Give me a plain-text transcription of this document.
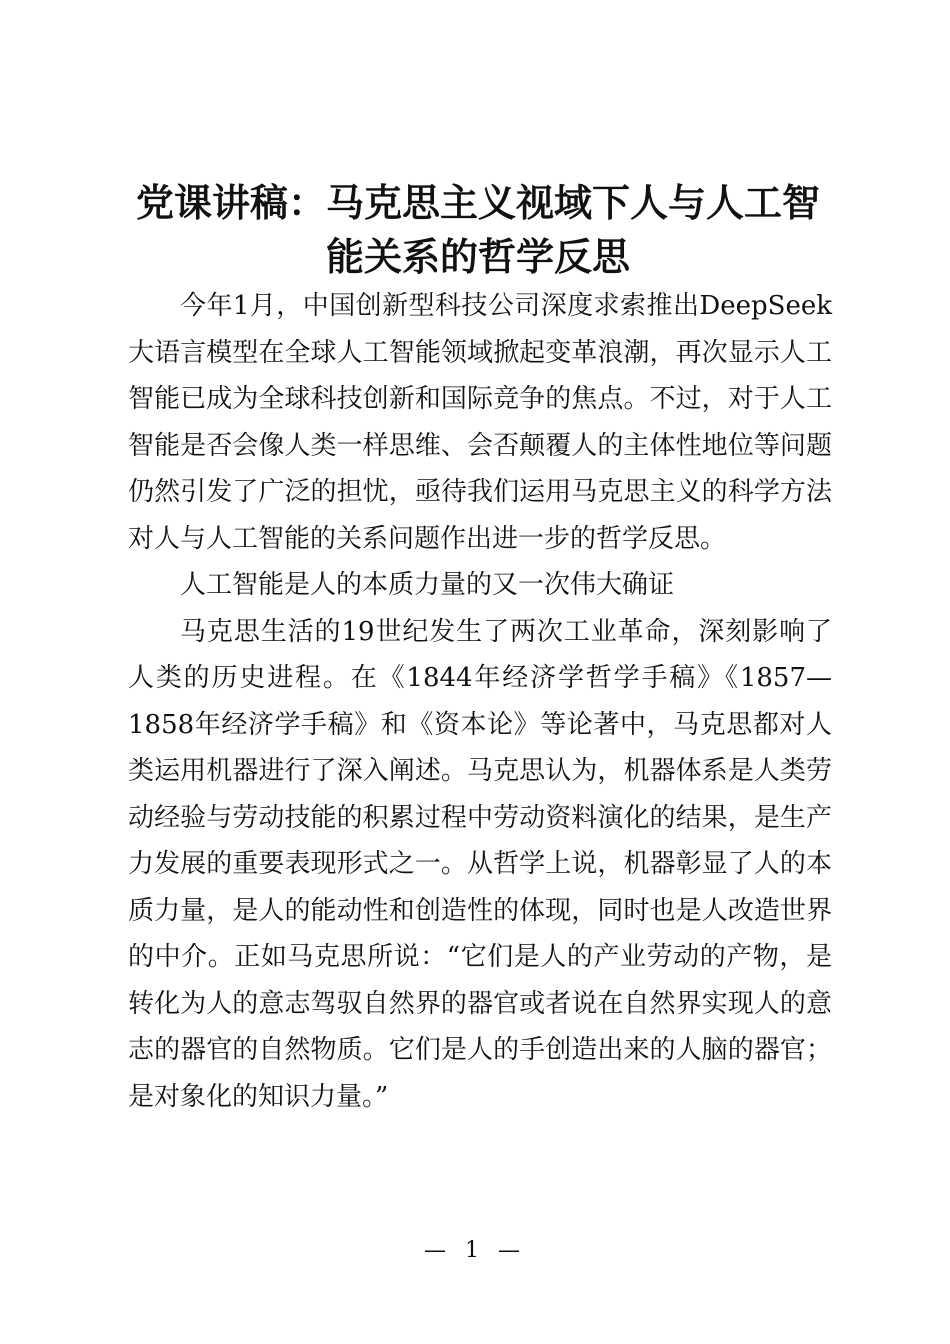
党课讲稿：马克思主义视域下人与人工智能关系的哲学反思

今年1月，中国创新型科技公司深度求索推出DeepSeek大语言模型在全球人工智能领域掀起变革浪潮，再次显示人工智能已成为全球科技创新和国际竞争的焦点。不过，对于人工智能是否会像人类一样思维、会否颠覆人的主体性地位等问题仍然引发了广泛的担忧，亟待我们运用马克思主义的科学方法对人与人工智能的关系问题作出进一步的哲学反思。

人工智能是人的本质力量的又一次伟大确证

马克思生活的19世纪发生了两次工业革命，深刻影响了人类的历史进程。在《1844年经济学哲学手稿》《1857—1858年经济学手稿》和《资本论》等论著中，马克思都对人类运用机器进行了深入阐述。马克思认为，机器体系是人类劳动经验与劳动技能的积累过程中劳动资料演化的结果，是生产力发展的重要表现形式之一。从哲学上说，机器彰显了人的本质力量，是人的能动性和创造性的体现，同时也是人改造世界的中介。正如马克思所说：“它们是人的产业劳动的产物，是转化为人的意志驾驭自然界的器官或者说在自然界实现人的意志的器官的自然物质。它们是人的手创造出来的人脑的器官；是对象化的知识力量。”

— 1 —
